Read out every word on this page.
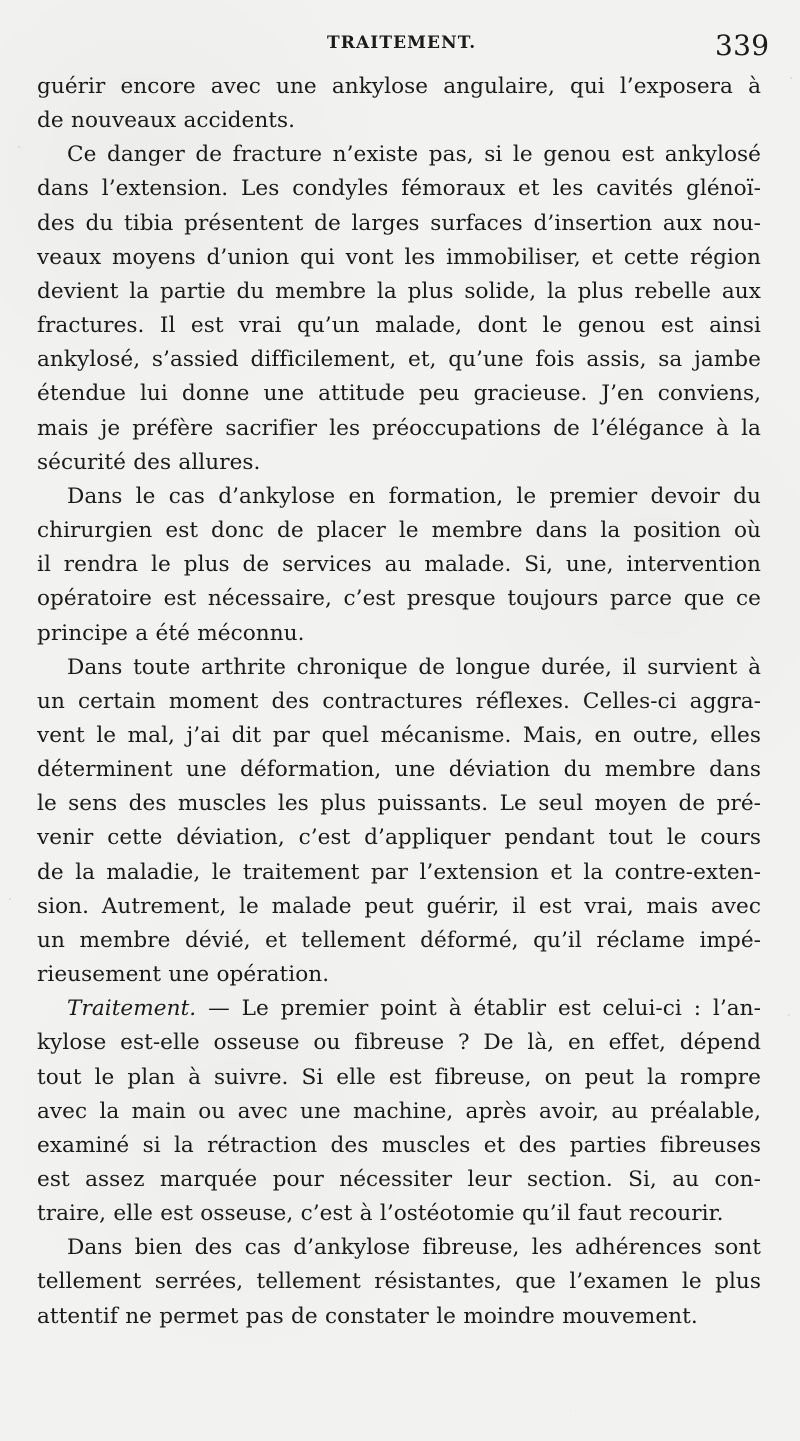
TRAITEMENT.	339
guérir encore avec une ankylose angulaire, qui l’exposera à
de nouveaux accidents.
Ce danger de fracture n’existe pas, si le genou est ankylosé
dans l’extension. Les condyles fémoraux et les cavités glénoï-
des du tibia présentent de larges surfaces d’insertion aux nou-
veaux moyens d’union qui vont les immobiliser, et cette région
devient la partie du membre la plus solide, la plus rebelle aux
fractures. Il est vrai qu’un malade, dont le genou est ainsi
ankylosé, s’assied difficilement, et, qu’une fois assis, sa jambe
étendue lui donne une attitude peu gracieuse. J’en conviens,
mais je préfère sacrifier les préoccupations de l’élégance à la
sécurité des allures.
Dans le cas d’ankylose en formation, le premier devoir du
chirurgien est donc de placer le membre dans la position où
il rendra le plus de services au malade. Si, une, intervention
opératoire est nécessaire, c’est presque toujours parce que ce
principe a été méconnu.
Dans toute arthrite chronique de longue durée, il survient à
un certain moment des contractures réflexes. Celles-ci aggra-
vent le mal, j’ai dit par quel mécanisme. Mais, en outre, elles
déterminent une déformation, une déviation du membre dans
le sens des muscles les plus puissants. Le seul moyen de pré-
venir cette déviation, c’est d’appliquer pendant tout le cours
de la maladie, le traitement par l’extension et la contre-exten-
sion. Autrement, le malade peut guérir, il est vrai, mais avec
un membre dévié, et tellement déformé, qu’il réclame impé-
rieusement une opération.
Traitement. — Le premier point à établir est celui-ci : l’an-
kylose est-elle osseuse ou fibreuse ? De là, en effet, dépend
tout le plan à suivre. Si elle est fibreuse, on peut la rompre
avec la main ou avec une machine, après avoir, au préalable,
examiné si la rétraction des muscles et des parties fibreuses
est assez marquée pour nécessiter leur section. Si, au con-
traire, elle est osseuse, c’est à l’ostéotomie qu’il faut recourir.
Dans bien des cas d’ankylose fibreuse, les adhérences sont
tellement serrées, tellement résistantes, que l’examen le plus
attentif ne permet pas de constater le moindre mouvement.
